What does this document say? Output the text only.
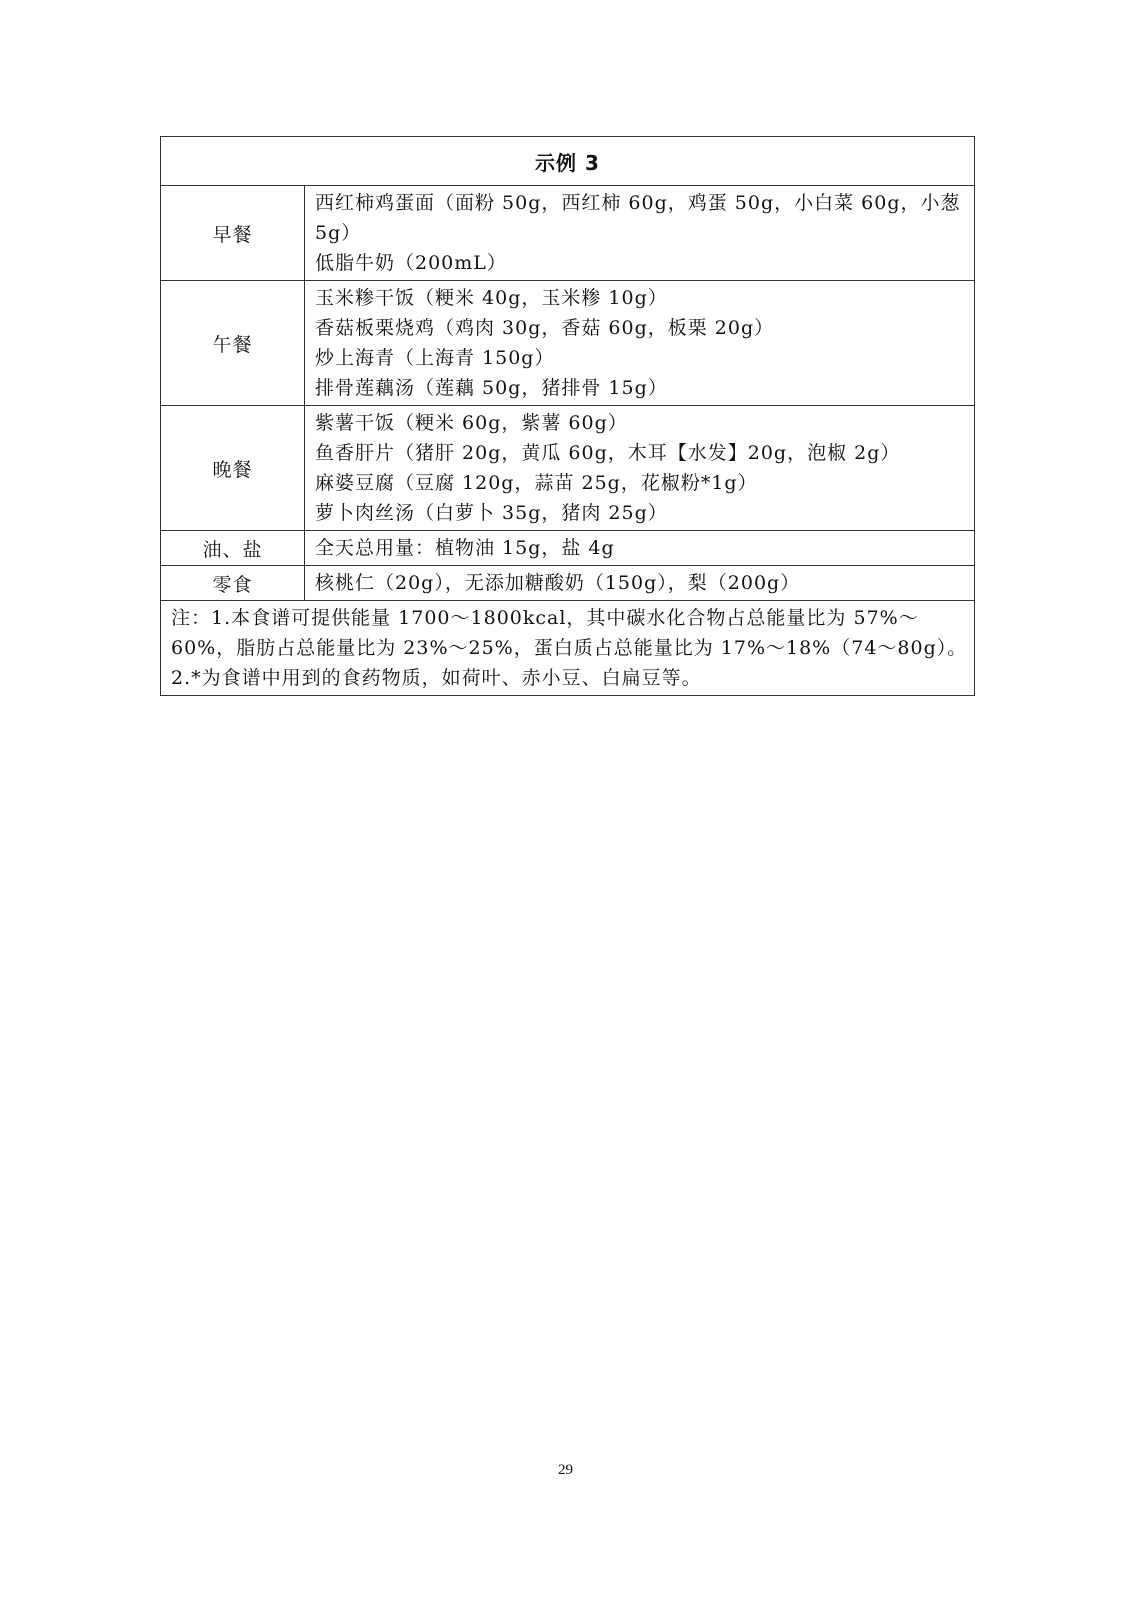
示例 3	
早餐	西红柿鸡蛋面（面粉 50g，西红柿 60g，鸡蛋 50g，小白菜 60g，小葱 5g）
低脂牛奶（200mL）

午餐	玉米糁干饭（粳米 40g，玉米糁 10g）
香菇板栗烧鸡（鸡肉 30g，香菇 60g，板栗 20g）
炒上海青（上海青 150g）
排骨莲藕汤（莲藕 50g，猪排骨 15g）

晚餐	紫薯干饭（粳米 60g，紫薯 60g）
鱼香肝片（猪肝 20g，黄瓜 60g，木耳【水发】20g，泡椒 2g）
麻婆豆腐（豆腐 120g，蒜苗 25g，花椒粉*1g）
萝卜肉丝汤（白萝卜 35g，猪肉 25g）

油、盐	全天总用量：植物油 15g，盐 4g

零食	核桃仁（20g），无添加糖酸奶（150g），梨（200g）

注：1.本食谱可提供能量 1700～1800kcal，其中碳水化合物占总能量比为 57%～
60%，脂肪占总能量比为 23%～25%，蛋白质占总能量比为 17%～18%（74～80g）。
2.*为食谱中用到的食药物质，如荷叶、赤小豆、白扁豆等。	
29
